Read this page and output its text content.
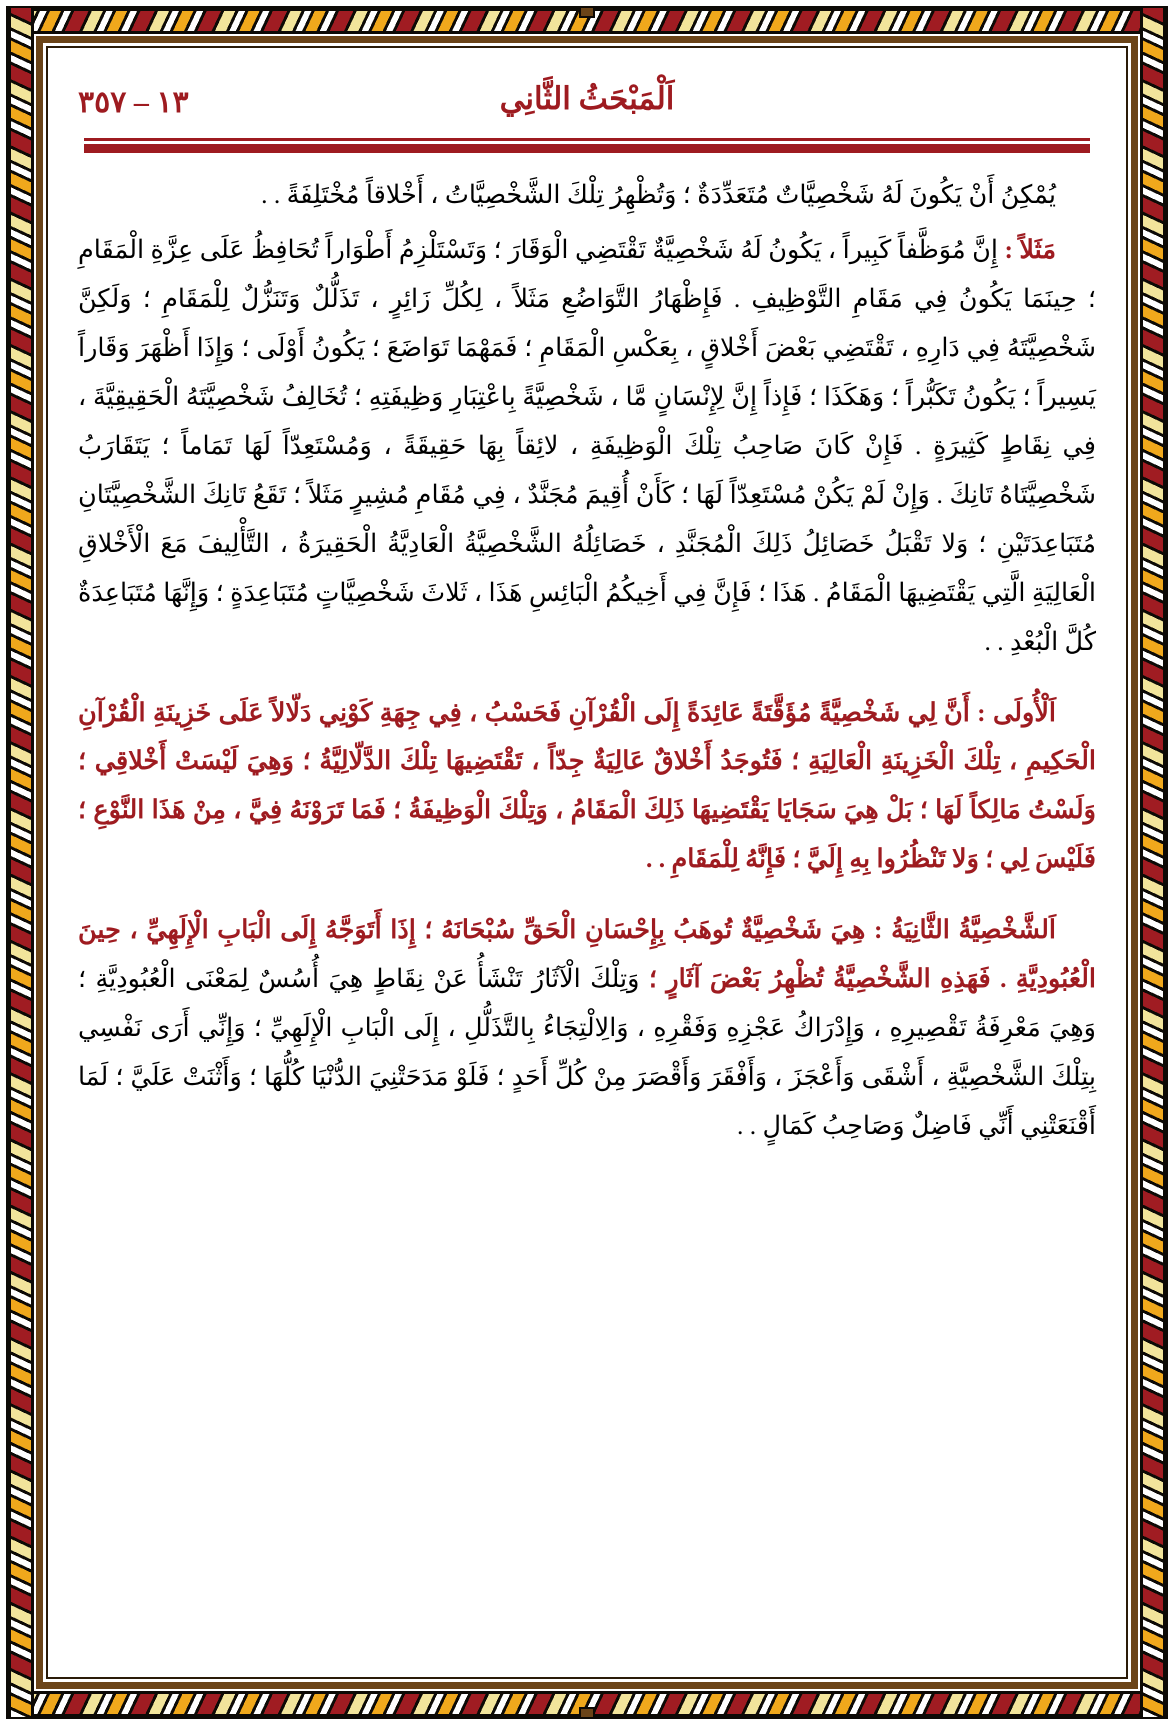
١٣ – ٣٥٧	اَلْمَبْحَثُ الثَّانِي

يُمْكِنُ أَنْ يَكُونَ لَهُ شَخْصِيَّاتٌ مُتَعَدِّدَةٌ ؛ وَتُظْهِرُ تِلْكَ الشَّخْصِيَّاتُ ، أَخْلاقاً مُخْتَلِفَةً . .

مَثَلاً : إِنَّ مُوَظَّفاً كَبِيراً ، يَكُونُ لَهُ شَخْصِيَّةٌ تَقْتَضِي الْوَقَارَ ؛ وَتَسْتَلْزِمُ أَطْوَاراً تُحَافِظُ عَلَى عِزَّةِ الْمَقَامِ ؛ حِينَمَا يَكُونُ فِي مَقَامِ التَّوْظِيفِ . فَإِظْهَارُ التَّوَاضُعِ مَثَلاً ، لِكُلِّ زَائِرٍ ، تَذَلُّلٌ وَتَنَزُّلٌ لِلْمَقَامِ ؛ وَلَكِنَّ شَخْصِيَّتَهُ فِي دَارِهِ ، تَقْتَضِي بَعْضَ أَخْلاقٍ ، بِعَكْسِ الْمَقَامِ ؛ فَمَهْمَا تَوَاضَعَ ؛ يَكُونُ أَوْلَى ؛ وَإِذَا أَظْهَرَ وَقَاراً يَسِيراً ؛ يَكُونُ تَكَبُّراً ؛ وَهَكَذَا ؛ فَإِذاً إِنَّ لِإِنْسَانٍ مَّا ، شَخْصِيَّةً بِاعْتِبَارِ وَظِيفَتِهِ ؛ تُخَالِفُ شَخْصِيَّتَهُ الْحَقِيقِيَّةَ ، فِي نِقَاطٍ كَثِيرَةٍ . فَإِنْ كَانَ صَاحِبُ تِلْكَ الْوَظِيفَةِ ، لائِقاً بِهَا حَقِيقَةً ، وَمُسْتَعِدّاً لَهَا تَمَاماً ؛ يَتَقَارَبُ شَخْصِيَّتَاهُ تَانِكَ . وَإِنْ لَمْ يَكُنْ مُسْتَعِدّاً لَهَا ؛ كَأَنْ أُقِيمَ مُجَنَّدٌ ، فِي مُقَامِ مُشِيرٍ مَثَلاً ؛ تَقَعُ تَانِكَ الشَّخْصِيَّتَانِ مُتَبَاعِدَتَيْنِ ؛ وَلا تَقْبَلُ خَصَائِلُ ذَلِكَ الْمُجَنَّدِ ، خَصَائِلُهُ الشَّخْصِيَّةُ الْعَادِيَّةُ الْحَقِيرَةُ ، التَّأْلِيفَ مَعَ الْأَخْلاقِ الْعَالِيَةِ الَّتِي يَقْتَضِيهَا الْمَقَامُ . هَذَا ؛ فَإِنَّ فِي أَخِيكُمُ الْبَائِسِ هَذَا ، ثَلاثَ شَخْصِيَّاتٍ مُتَبَاعِدَةٍ ؛ وَإِنَّهَا مُتَبَاعِدَةٌ كُلَّ الْبُعْدِ . .

اَلْأُولَى : أَنَّ لِي شَخْصِيَّةً مُؤَقَّتَةً عَائِدَةً إِلَى الْقُرْآنِ فَحَسْبُ ، فِي جِهَةِ كَوْنِي دَلّالاً عَلَى خَزِينَةِ الْقُرْآنِ الْحَكِيمِ ، تِلْكَ الْخَزِينَةِ الْعَالِيَةِ ؛ فَتُوجَدُ أَخْلاقٌ عَالِيَةٌ جِدّاً ، تَقْتَضِيهَا تِلْكَ الدَّلّالِيَّةُ ؛ وَهِيَ لَيْسَتْ أَخْلاقِي ؛ وَلَسْتُ مَالِكاً لَهَا ؛ بَلْ هِيَ سَجَايَا يَقْتَضِيهَا ذَلِكَ الْمَقَامُ ، وَتِلْكَ الْوَظِيفَةُ ؛ فَمَا تَرَوْنَهُ فِيَّ ، مِنْ هَذَا النَّوْعِ ؛ فَلَيْسَ لِي ؛ وَلا تَنْظُرُوا بِهِ إِلَيَّ ؛ فَإِنَّهُ لِلْمَقَامِ . .

اَلشَّخْصِيَّةُ الثَّانِيَةُ : هِيَ شَخْصِيَّةٌ تُوهَبُ بِإِحْسَانِ الْحَقِّ سُبْحَانَهُ ؛ إِذَا أَتَوَجَّهُ إِلَى الْبَابِ الْإِلَهِيِّ ، حِينَ الْعُبُودِيَّةِ . فَهَذِهِ الشَّخْصِيَّةُ تُظْهِرُ بَعْضَ آثَارٍ ؛ وَتِلْكَ الْآثَارُ تَنْشَأُ عَنْ نِقَاطٍ هِيَ أُسُسٌ لِمَعْنَى الْعُبُودِيَّةِ ؛ وَهِيَ مَعْرِفَةُ تَقْصِيرِهِ ، وَإِدْرَاكُ عَجْزِهِ وَفَقْرِهِ ، وَالِالْتِجَاءُ بِالتَّذَلُّلِ ، إِلَى الْبَابِ الْإِلَهِيِّ ؛ وَإِنِّي أَرَى نَفْسِي بِتِلْكَ الشَّخْصِيَّةِ ، أَشْقَى وَأَعْجَزَ ، وَأَفْقَرَ وَأَقْصَرَ مِنْ كُلِّ أَحَدٍ ؛ فَلَوْ مَدَحَتْنِيَ الدُّنْيَا كُلُّهَا ؛ وَأَثْنَتْ عَلَيَّ ؛ لَمَا أَقْنَعَتْنِي أَنِّي فَاضِلٌ وَصَاحِبُ كَمَالٍ . .
